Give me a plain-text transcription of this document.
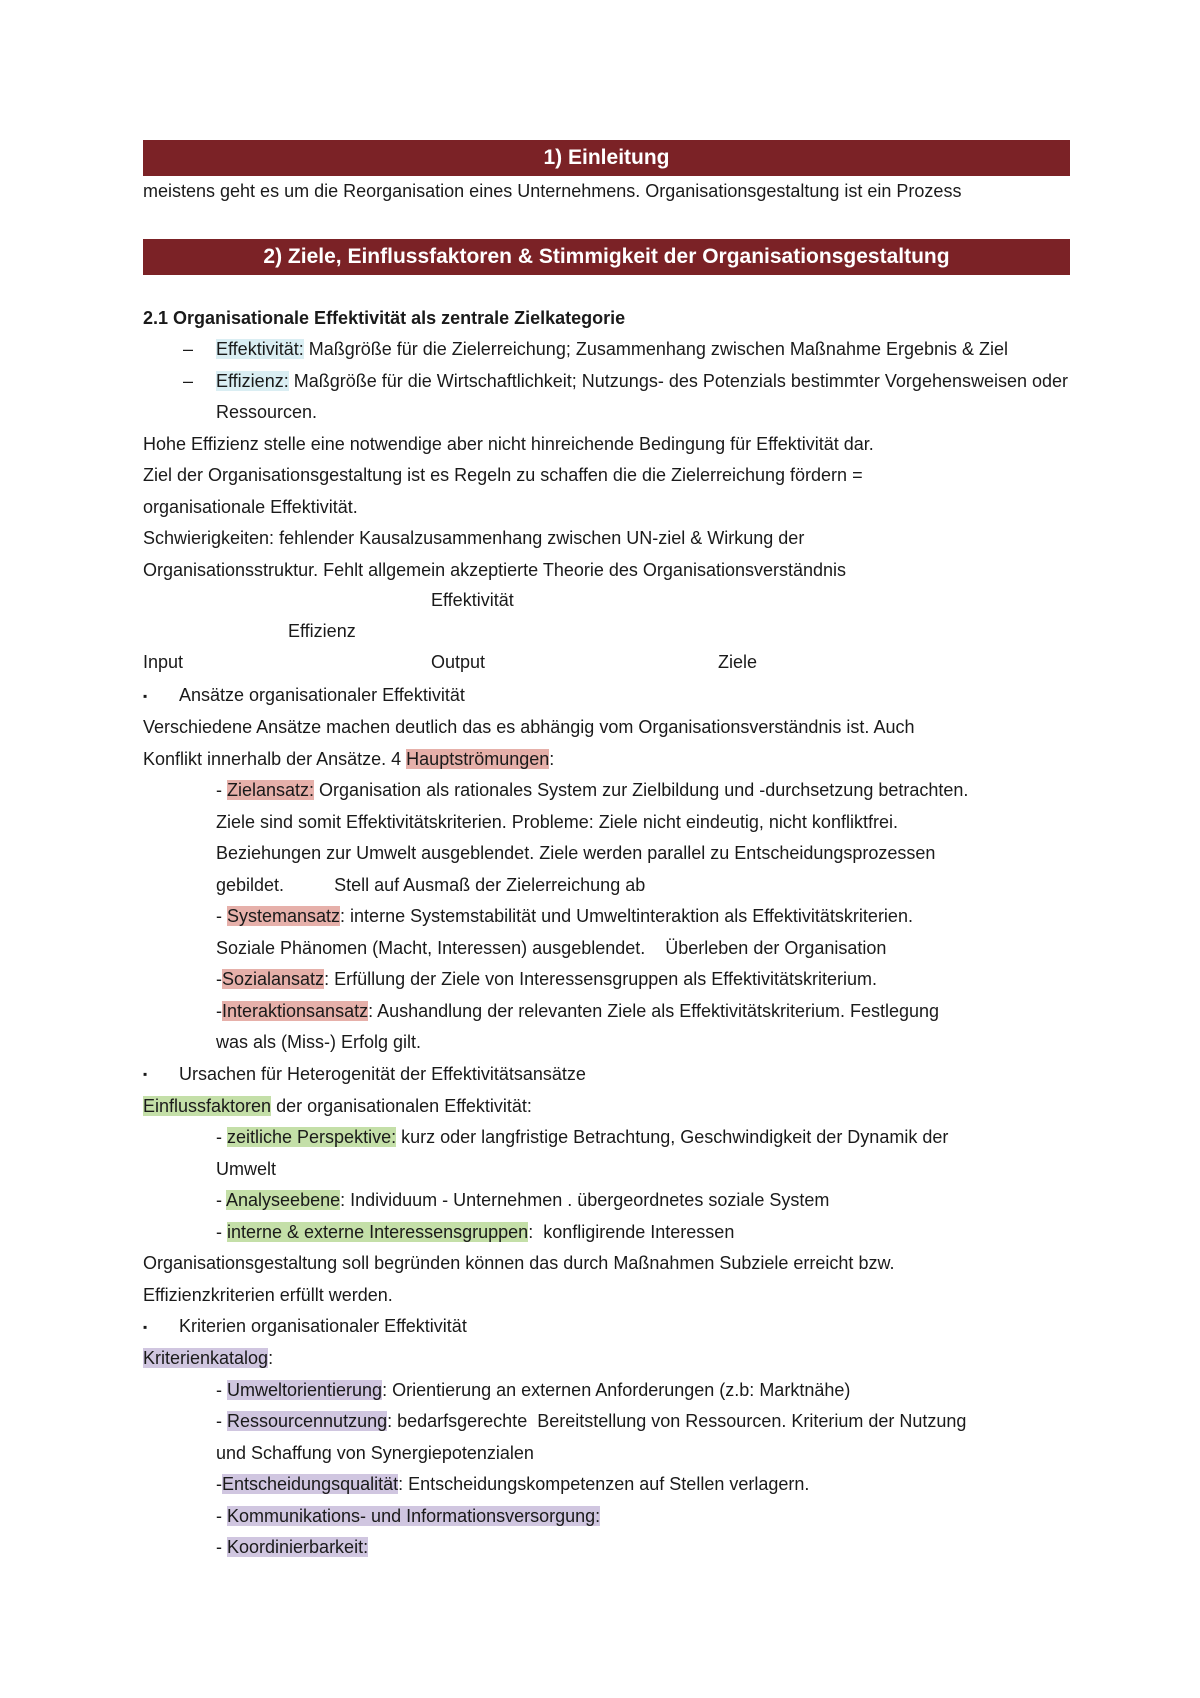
1) Einleitung
meistens geht es um die Reorganisation eines Unternehmens. Organisationsgestaltung ist ein Prozess
2) Ziele, Einflussfaktoren & Stimmigkeit der Organisationsgestaltung
2.1 Organisationale Effektivität als zentrale Zielkategorie
–	Effektivität: Maßgröße für die Zielerreichung; Zusammenhang zwischen Maßnahme Ergebnis & Ziel
–	Effizienz: Maßgröße für die Wirtschaftlichkeit; Nutzungs- des Potenzials bestimmter Vorgehensweisen oder Ressourcen.
Hohe Effizienz stelle eine notwendige aber nicht hinreichende Bedingung für Effektivität dar.
Ziel der Organisationsgestaltung ist es Regeln zu schaffen die die Zielerreichung fördern =
organisationale Effektivität.
Schwierigkeiten: fehlender Kausalzusammenhang zwischen UN-ziel & Wirkung der
Organisationsstruktur. Fehlt allgemein akzeptierte Theorie des Organisationsverständnis
Effektivität
Effizienz
Input	Output	Ziele
▪ Ansätze organisationaler Effektivität
Verschiedene Ansätze machen deutlich das es abhängig vom Organisationsverständnis ist. Auch
Konflikt innerhalb der Ansätze. 4 Hauptströmungen:
- Zielansatz: Organisation als rationales System zur Zielbildung und -durchsetzung betrachten.
Ziele sind somit Effektivitätskriterien. Probleme: Ziele nicht eindeutig, nicht konfliktfrei.
Beziehungen zur Umwelt ausgeblendet. Ziele werden parallel zu Entscheidungsprozessen
gebildet.          Stell auf Ausmaß der Zielerreichung ab
- Systemansatz: interne Systemstabilität und Umweltinteraktion als Effektivitätskriterien.
Soziale Phänomen (Macht, Interessen) ausgeblendet.    Überleben der Organisation
-Sozialansatz: Erfüllung der Ziele von Interessensgruppen als Effektivitätskriterium.
-Interaktionsansatz: Aushandlung der relevanten Ziele als Effektivitätskriterium. Festlegung
was als (Miss-) Erfolg gilt.
▪ Ursachen für Heterogenität der Effektivitätsansätze
Einflussfaktoren der organisationalen Effektivität:
- zeitliche Perspektive: kurz oder langfristige Betrachtung, Geschwindigkeit der Dynamik der
Umwelt
- Analyseebene: Individuum - Unternehmen . übergeordnetes soziale System
- interne & externe Interessensgruppen:  konfligirende Interessen
Organisationsgestaltung soll begründen können das durch Maßnahmen Subziele erreicht bzw.
Effizienzkriterien erfüllt werden.
▪ Kriterien organisationaler Effektivität
Kriterienkatalog:
- Umweltorientierung: Orientierung an externen Anforderungen (z.b: Marktnähe)
- Ressourcennutzung: bedarfsgerechte  Bereitstellung von Ressourcen. Kriterium der Nutzung
und Schaffung von Synergiepotenzialen
-Entscheidungsqualität: Entscheidungskompetenzen auf Stellen verlagern.
- Kommunikations- und Informationsversorgung:
- Koordinierbarkeit:
